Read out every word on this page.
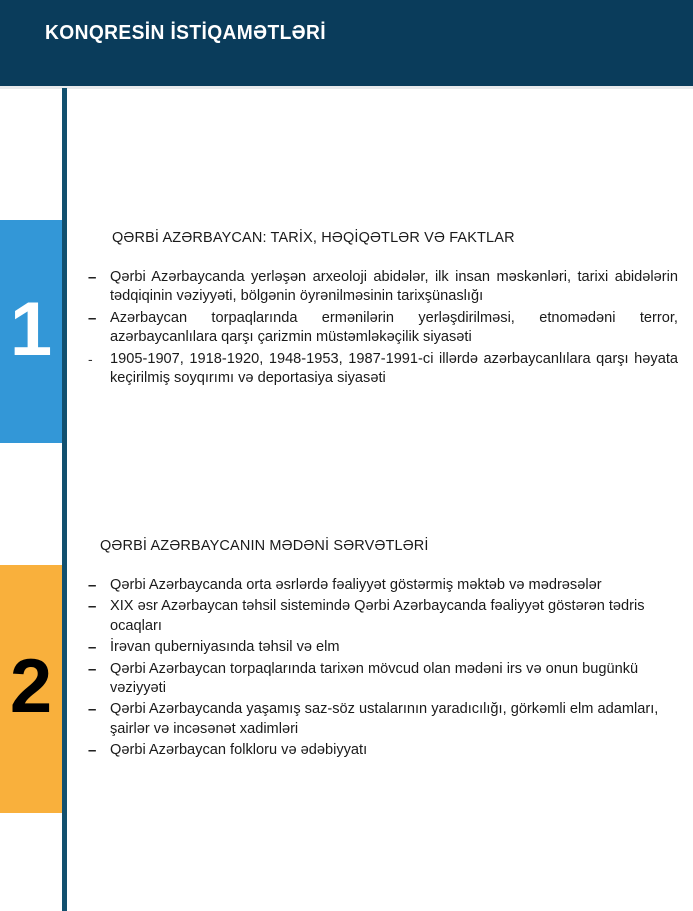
KONQRESİN İSTİQAMƏTLƏRİ
1
2
QƏRBİ AZƏRBAYCAN: TARİX, HƏQİQƏTLƏR VƏ FAKTLAR
– Qərbi Azərbaycanda yerləşən arxeoloji abidələr, ilk insan məskənləri, tarixi abidələrin tədqiqinin vəziyyəti, bölgənin öyrənilməsinin tarixşünaslığı
– Azərbaycan torpaqlarında ermənilərin yerləşdirilməsi, etnomədəni terror, azərbaycanlılara qarşı çarizmin müstəmləkəçilik siyasəti
- 1905-1907, 1918-1920, 1948-1953, 1987-1991-ci illərdə azərbaycanlılara qarşı həyata keçirilmiş soyqırımı və deportasiya siyasəti
QƏRBİ AZƏRBAYCANIN MƏDƏNİ SƏRVƏTLƏRİ
– Qərbi Azərbaycanda orta əsrlərdə fəaliyyət göstərmiş məktəb və mədrəsələr
– XIX əsr Azərbaycan təhsil sistemində Qərbi Azərbaycanda fəaliyyət göstərən tədris ocaqları
– İrəvan quberniyasında təhsil və elm
– Qərbi Azərbaycan torpaqlarında tarixən mövcud olan mədəni irs və onun bugünkü vəziyyəti
– Qərbi Azərbaycanda yaşamış saz-söz ustalarının yaradıcılığı, görkəmli elm adamları, şairlər və incəsənət xadimləri
– Qərbi Azərbaycan folkloru və ədəbiyyatı
